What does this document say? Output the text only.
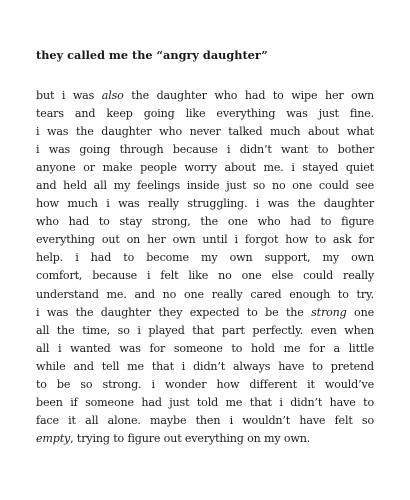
they called me the “angry daughter”
but i was also the daughter who had to wipe her own
tears and keep going like everything was just fine.
i was the daughter who never talked much about what
i was going through because i didn’t want to bother
anyone or make people worry about me. i stayed quiet
and held all my feelings inside just so no one could see
how much i was really struggling. i was the daughter
who had to stay strong, the one who had to figure
everything out on her own until i forgot how to ask for
help. i had to become my own support, my own
comfort, because i felt like no one else could really
understand me. and no one really cared enough to try.
i was the daughter they expected to be the strong one
all the time, so i played that part perfectly. even when
all i wanted was for someone to hold me for a little
while and tell me that i didn’t always have to pretend
to be so strong. i wonder how different it would’ve
been if someone had just told me that i didn’t have to
face it all alone. maybe then i wouldn’t have felt so
empty, trying to figure out everything on my own.
